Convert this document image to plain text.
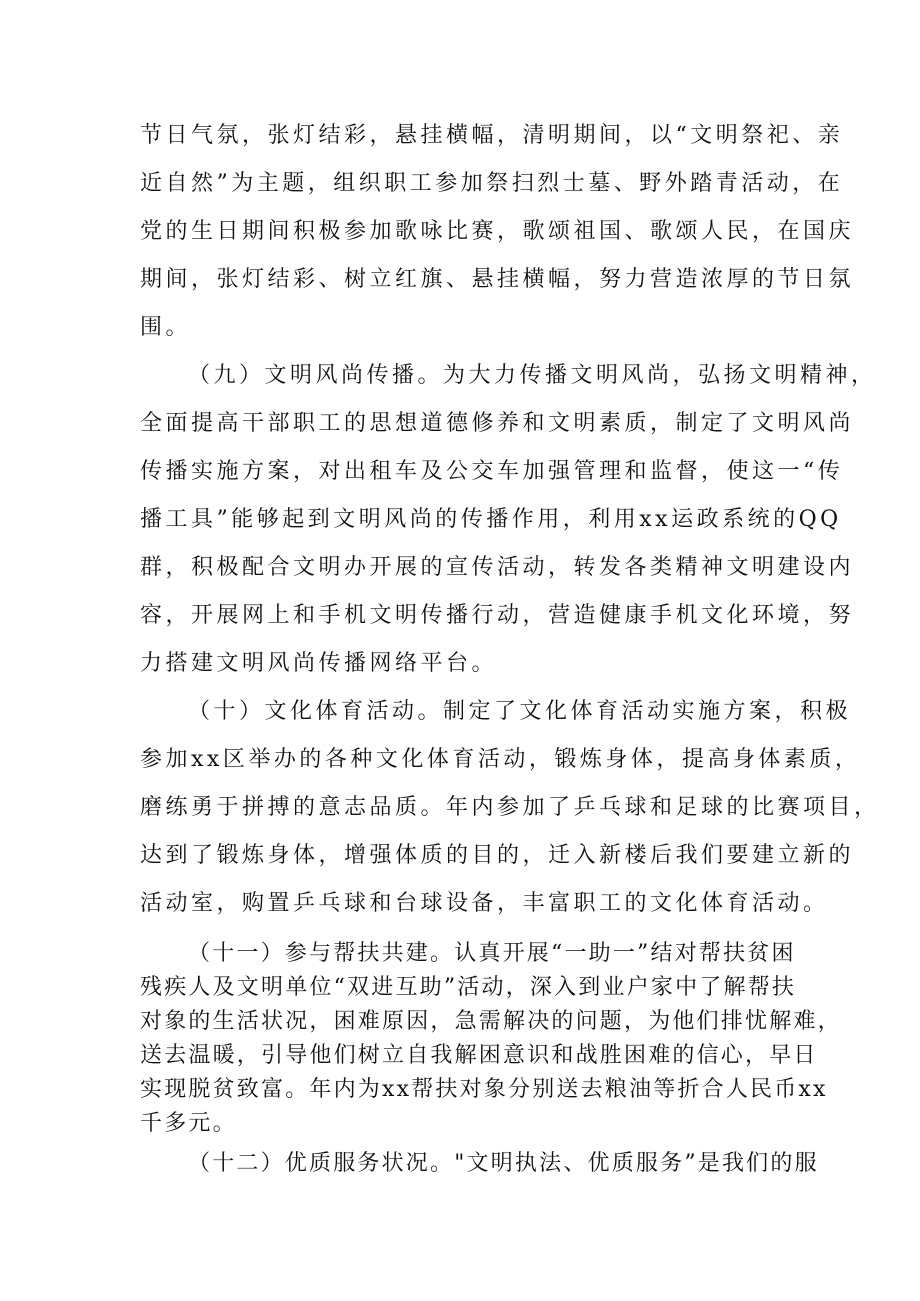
节日气氛，张灯结彩，悬挂横幅，清明期间，以“文明祭祀、亲
近自然”为主题，组织职工参加祭扫烈士墓、野外踏青活动，在
党的生日期间积极参加歌咏比赛，歌颂祖国、歌颂人民，在国庆
期间，张灯结彩、树立红旗、悬挂横幅，努力营造浓厚的节日氛
围。
（九）文明风尚传播。为大力传播文明风尚，弘扬文明精神，
全面提高干部职工的思想道德修养和文明素质，制定了文明风尚
传播实施方案，对出租车及公交车加强管理和监督，使这一“传
播工具”能够起到文明风尚的传播作用，利用xx运政系统的QQ
群，积极配合文明办开展的宣传活动，转发各类精神文明建设内
容，开展网上和手机文明传播行动，营造健康手机文化环境，努
力搭建文明风尚传播网络平台。
（十）文化体育活动。制定了文化体育活动实施方案，积极
参加xx区举办的各种文化体育活动，锻炼身体，提高身体素质，
磨练勇于拼搏的意志品质。年内参加了乒乓球和足球的比赛项目，
达到了锻炼身体，增强体质的目的，迁入新楼后我们要建立新的
活动室，购置乒乓球和台球设备，丰富职工的文化体育活动。
（十一）参与帮扶共建。认真开展“一助一”结对帮扶贫困
残疾人及文明单位“双进互助”活动，深入到业户家中了解帮扶
对象的生活状况，困难原因，急需解决的问题，为他们排忧解难，
送去温暖，引导他们树立自我解困意识和战胜困难的信心，早日
实现脱贫致富。年内为xx帮扶对象分别送去粮油等折合人民币xx
千多元。
（十二）优质服务状况。"文明执法、优质服务”是我们的服
